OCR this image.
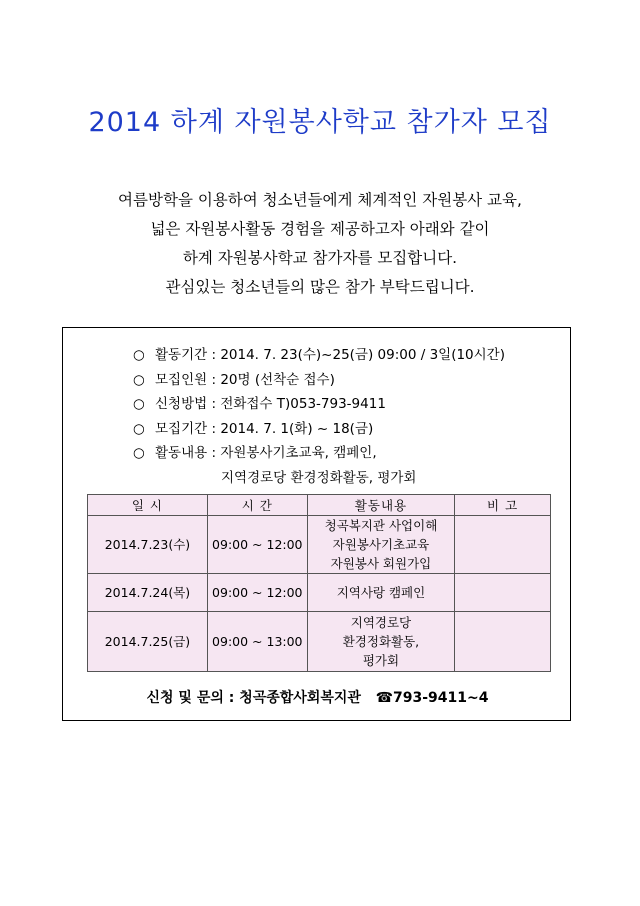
2014 하계 자원봉사학교 참가자 모집
여름방학을 이용하여 청소년들에게 체계적인 자원봉사 교육,
넓은 자원봉사활동 경험을 제공하고자 아래와 같이
하계 자원봉사학교 참가자를 모집합니다.
관심있는 청소년들의 많은 참가 부탁드립니다.
○ 활동기간 : 2014. 7. 23(수)~25(금) 09:00 / 3일(10시간)
○ 모집인원 : 20명 (선착순 접수)
○ 신청방법 : 전화접수 T)053-793-9411
○ 모집기간 : 2014. 7. 1(화) ~ 18(금)
○ 활동내용 : 자원봉사기초교육, 캠페인,
지역경로당 환경정화활동, 평가회
일 시	시 간	활동내용	비 고
2014.7.23(수)	09:00 ~ 12:00	청곡복지관 사업이해
자원봉사기초교육
자원봉사 회원가입	

2014.7.24(목)	09:00 ~ 12:00	지역사랑 캠페인	

2014.7.25(금)	09:00 ~ 13:00	지역경로당
환경정화활동,
평가회	

신청 및 문의 : 청곡종합사회복지관 ☎793-9411~4
